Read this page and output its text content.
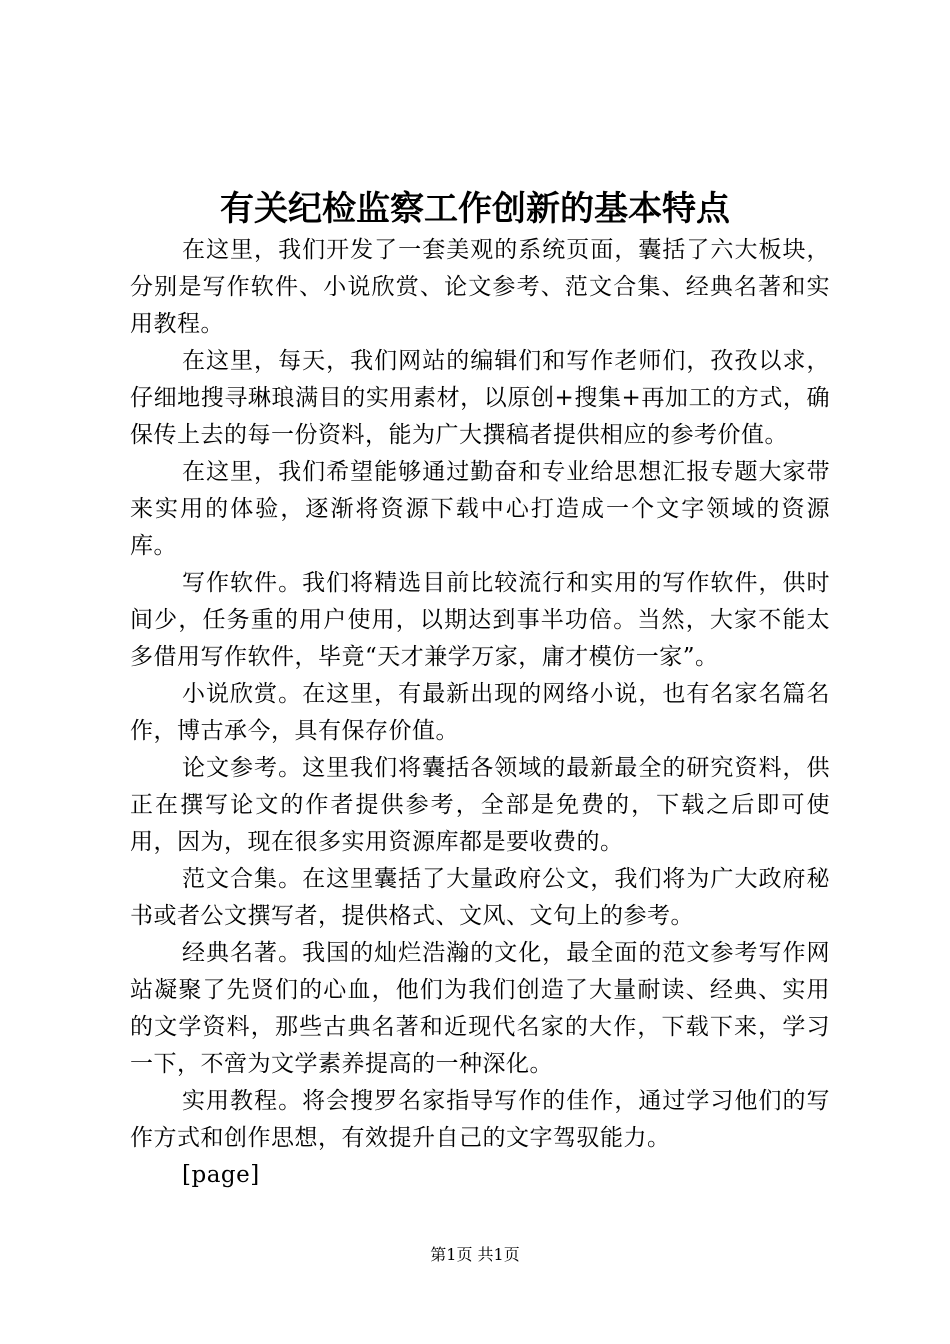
有关纪检监察工作创新的基本特点

在这里，我们开发了一套美观的系统页面，囊括了六大板块，分别是写作软件、小说欣赏、论文参考、范文合集、经典名著和实用教程。

在这里，每天，我们网站的编辑们和写作老师们，孜孜以求，仔细地搜寻琳琅满目的实用素材，以原创+搜集+再加工的方式，确保传上去的每一份资料，能为广大撰稿者提供相应的参考价值。

在这里，我们希望能够通过勤奋和专业给思想汇报专题大家带来实用的体验，逐渐将资源下载中心打造成一个文字领域的资源库。

写作软件。我们将精选目前比较流行和实用的写作软件，供时间少，任务重的用户使用，以期达到事半功倍。当然，大家不能太多借用写作软件，毕竟“天才兼学万家，庸才模仿一家”。

小说欣赏。在这里，有最新出现的网络小说，也有名家名篇名作，博古承今，具有保存价值。

论文参考。这里我们将囊括各领域的最新最全的研究资料，供正在撰写论文的作者提供参考，全部是免费的，下载之后即可使用，因为，现在很多实用资源库都是要收费的。

范文合集。在这里囊括了大量政府公文，我们将为广大政府秘书或者公文撰写者，提供格式、文风、文句上的参考。

经典名著。我国的灿烂浩瀚的文化，最全面的范文参考写作网站凝聚了先贤们的心血，他们为我们创造了大量耐读、经典、实用的文学资料，那些古典名著和近现代名家的大作，下载下来，学习一下，不啻为文学素养提高的一种深化。

实用教程。将会搜罗名家指导写作的佳作，通过学习他们的写作方式和创作思想，有效提升自己的文字驾驭能力。

[page]

第1页 共1页
